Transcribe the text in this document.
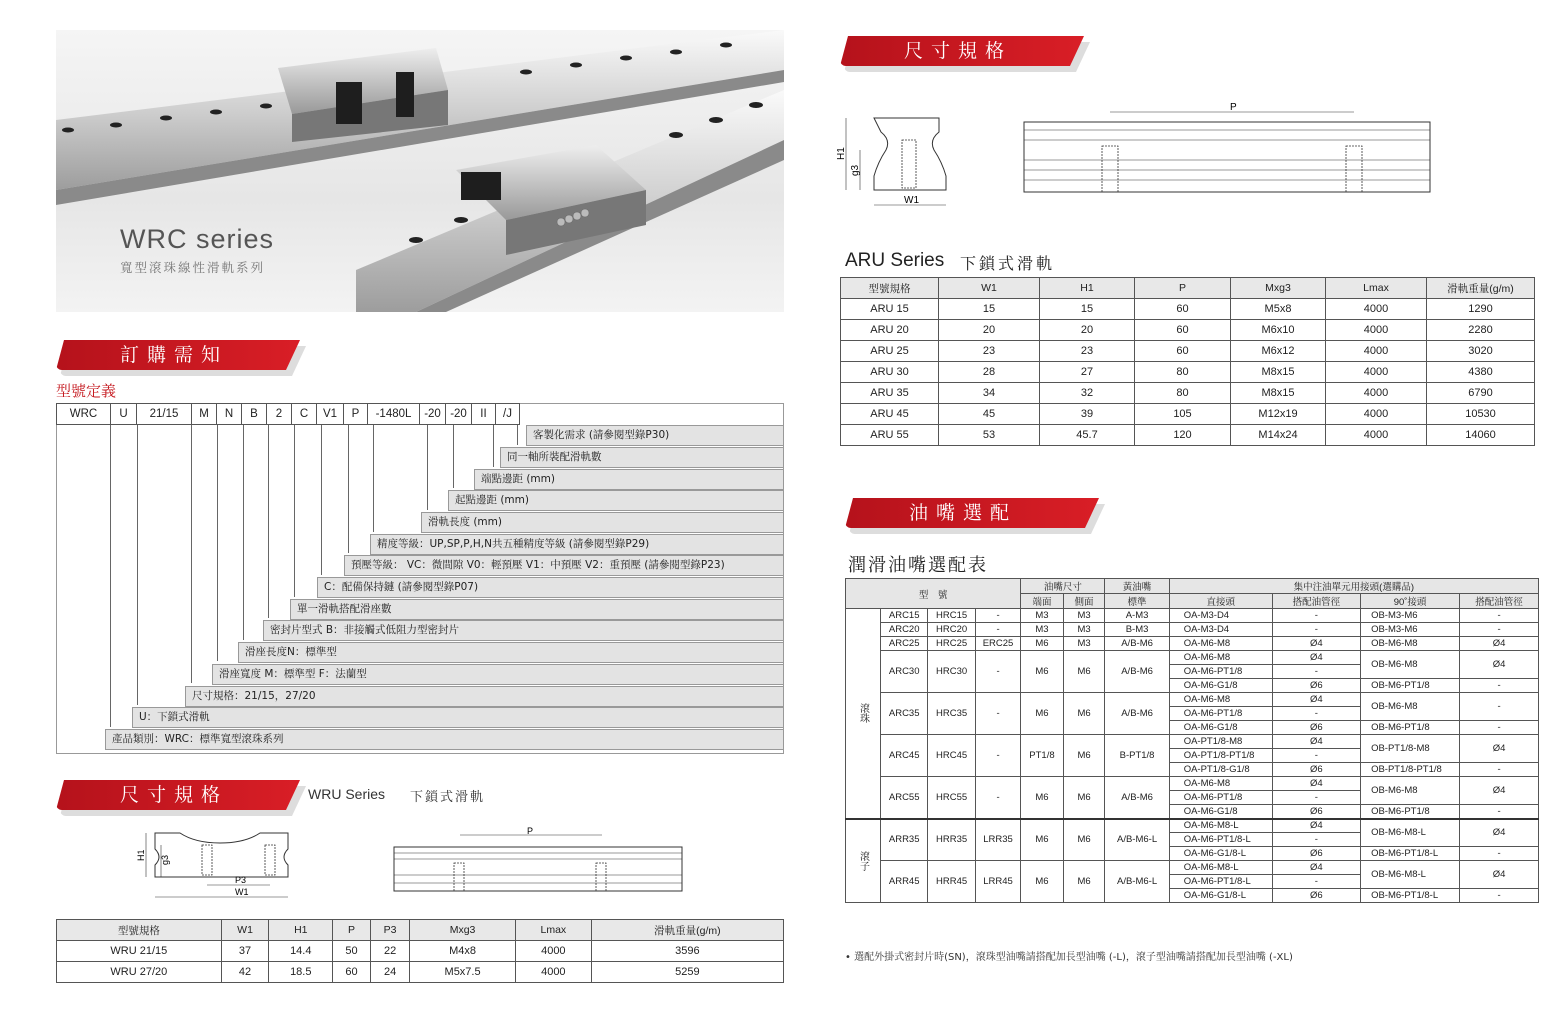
WRC series
寬型滾珠線性滑軌系列
訂購需知
型號定義
WRC	U	21/15	M	N	B	2	C	V1	P	-1480L	-20	-20	II	/J
客製化需求 (請參閱型錄P30)
同一軸所裝配滑軌數
端點邊距 (mm)
起點邊距 (mm)
滑軌長度 (mm)
精度等級：UP,SP,P,H,N共五種精度等級 (請參閱型錄P29)
預壓等級： VC：微間隙 V0：輕預壓 V1：中預壓 V2：重預壓 (請參閱型錄P23)
C：配備保持鏈 (請參閱型錄P07)
單一滑軌搭配滑座數
密封片型式 B：非接觸式低阻力型密封片
滑座長度N：標準型
滑座寬度 M：標準型 F：法蘭型
尺寸規格：21/15，27/20
U：下鎖式滑軌
產品類別：WRC：標準寬型滾珠系列
尺寸規格	WRU Series 下鎖式滑軌
H1 g3
P3
W1
P
型號規格	W1	H1	P	P3	Mxg3	Lmax	滑軌重量(g/m)
WRU 21/15	37	14.4	50	22	M4x8	4000	3596
WRU 27/20	42	18.5	60	24	M5x7.5	4000	5259
尺寸規格
H1
g3
W1
P
ARU Series 下鎖式滑軌
型號規格	W1	H1	P	Mxg3	Lmax	滑軌重量(g/m)
ARU 15	15	15	60	M5x8	4000	1290
ARU 20	20	20	60	M6x10	4000	2280
ARU 25	23	23	60	M6x12	4000	3020
ARU 30	28	27	80	M8x15	4000	4380
ARU 35	34	32	80	M8x15	4000	6790
ARU 45	45	39	105	M12x19	4000	10530
ARU 55	53	45.7	120	M14x24	4000	14060
油嘴選配
潤滑油嘴選配表
型　號				油嘴尺寸		黃油嘴	集中注油單元用接頭(選購品)			
				端面	側面	標準	直接頭	搭配油管徑	90˚接頭	搭配油管徑
滾珠	ARC15	HRC15	-	M3	M3	A-M3	OA-M3-D4	-	OB-M3-M6	-
	ARC20	HRC20	-	M3	M3	B-M3	OA-M3-D4	-	OB-M3-M6	-
	ARC25	HRC25	ERC25	M6	M3	A/B-M6	OA-M6-M8	Ø4	OB-M6-M8	Ø4
	ARC30	HRC30	-	M6	M6	A/B-M6	OA-M6-M8	Ø4	OB-M6-M8	Ø4
							OA-M6-PT1/8	-		
							OA-M6-G1/8	Ø6	OB-M6-PT1/8	-
	ARC35	HRC35	-	M6	M6	A/B-M6	OA-M6-M8	Ø4	OB-M6-M8	-
							OA-M6-PT1/8	-		
							OA-M6-G1/8	Ø6	OB-M6-PT1/8	-
	ARC45	HRC45	-	PT1/8	M6	B-PT1/8	OA-PT1/8-M8	Ø4	OB-PT1/8-M8	Ø4
							OA-PT1/8-PT1/8	-		
							OA-PT1/8-G1/8	Ø6	OB-PT1/8-PT1/8	-
	ARC55	HRC55	-	M6	M6	A/B-M6	OA-M6-M8	Ø4	OB-M6-M8	Ø4
							OA-M6-PT1/8	-		
							OA-M6-G1/8	Ø6	OB-M6-PT1/8	-
滾子	ARR35	HRR35	LRR35	M6	M6	A/B-M6-L	OA-M6-M8-L	Ø4	OB-M6-M8-L	Ø4
							OA-M6-PT1/8-L	-		
							OA-M6-G1/8-L	Ø6	OB-M6-PT1/8-L	-
	ARR45	HRR45	LRR45	M6	M6	A/B-M6-L	OA-M6-M8-L	Ø4	OB-M6-M8-L	Ø4
							OA-M6-PT1/8-L	-		
							OA-M6-G1/8-L	Ø6	OB-M6-PT1/8-L	-
• 選配外掛式密封片時(SN)，滾珠型油嘴請搭配加長型油嘴 (-L)，滾子型油嘴請搭配加長型油嘴 (-XL)
